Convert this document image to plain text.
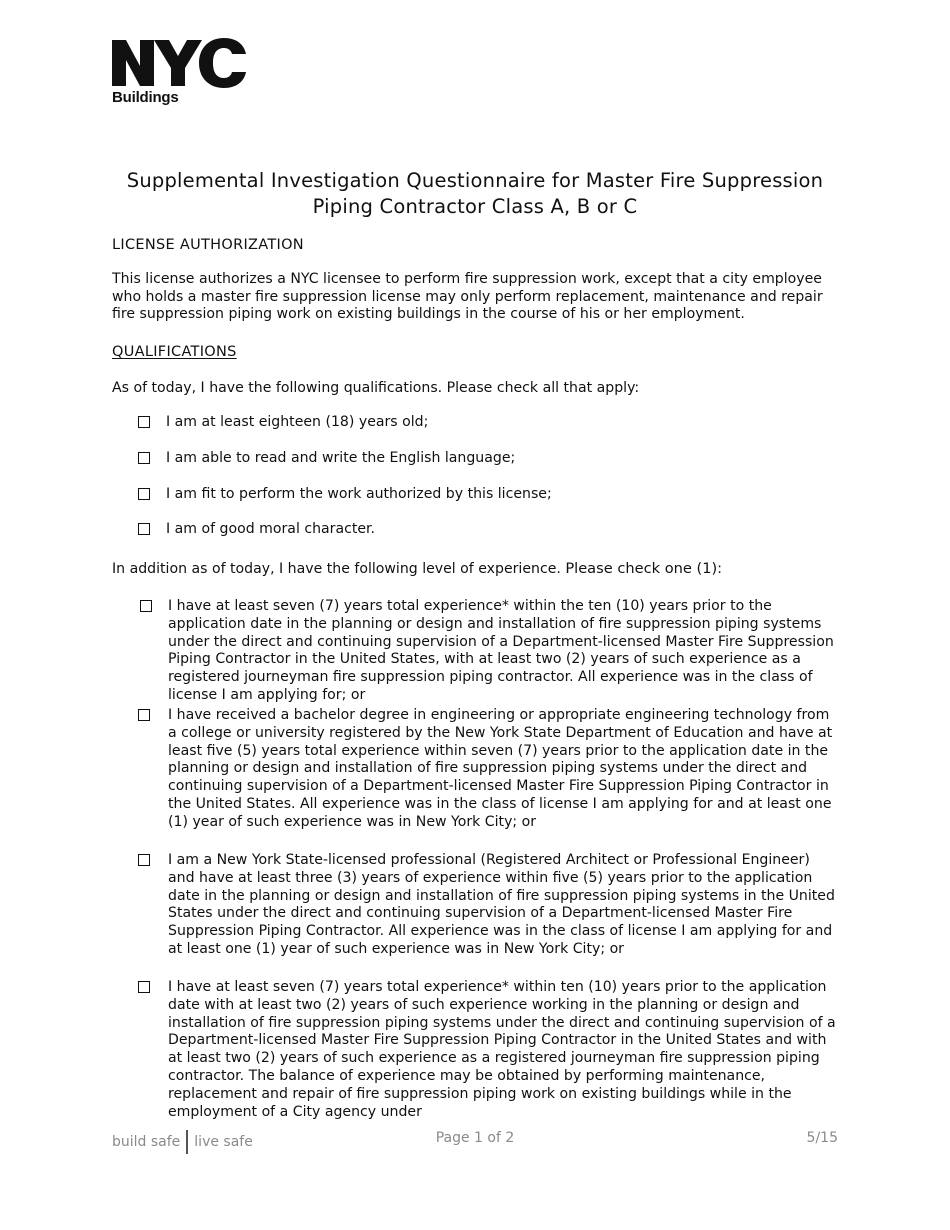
Buildings
Supplemental Investigation Questionnaire for Master Fire Suppression
Piping Contractor Class A, B or C
LICENSE AUTHORIZATION
This license authorizes a NYC licensee to perform fire suppression work, except that a city employee who holds a master fire suppression license may only perform replacement, maintenance and repair fire suppression piping work on existing buildings in the course of his or her employment.
QUALIFICATIONS
As of today, I have the following qualifications. Please check all that apply:
I am at least eighteen (18) years old;
I am able to read and write the English language;
I am fit to perform the work authorized by this license;
I am of good moral character.
In addition as of today, I have the following level of experience. Please check one (1):
I have at least seven (7) years total experience* within the ten (10) years prior to the application date in the planning or design and installation of fire suppression piping systems under the direct and continuing supervision of a Department-licensed Master Fire Suppression Piping Contractor in the United States, with at least two (2) years of such experience as a registered journeyman fire suppression piping contractor. All experience was in the class of license I am applying for; or
I have received a bachelor degree in engineering or appropriate engineering technology from a college or university registered by the New York State Department of Education and have at least five (5) years total experience within seven (7) years prior to the application date in the planning or design and installation of fire suppression piping systems under the direct and continuing supervision of a Department-licensed Master Fire Suppression Piping Contractor in the United States. All experience was in the class of license I am applying for and at least one (1) year of such experience was in New York City; or
I am a New York State-licensed professional (Registered Architect or Professional Engineer) and have at least three (3) years of experience within five (5) years prior to the application date in the planning or design and installation of fire suppression piping systems in the United States under the direct and continuing supervision of a Department-licensed Master Fire Suppression Piping Contractor. All experience was in the class of license I am applying for and at least one (1) year of such experience was in New York City; or
I have at least seven (7) years total experience* within ten (10) years prior to the application date with at least two (2) years of such experience working in the planning or design and installation of fire suppression piping systems under the direct and continuing supervision of a Department-licensed Master Fire Suppression Piping Contractor in the United States and with at least two (2) years of such experience as a registered journeyman fire suppression piping contractor. The balance of experience may be obtained by performing maintenance, replacement and repair of fire suppression piping work on existing buildings while in the employment of a City agency under
build safe live safe	Page 1 of 2	5/15
